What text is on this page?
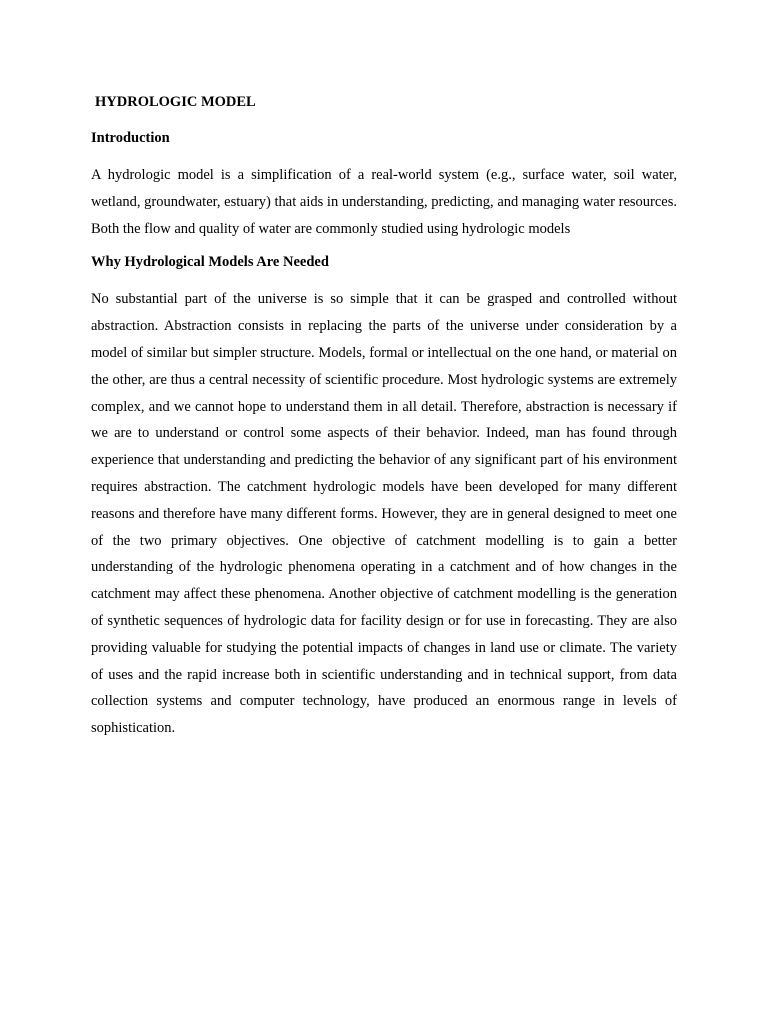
HYDROLOGIC MODEL
Introduction

A hydrologic model is a simplification of a real-world system (e.g., surface water, soil water, wetland, groundwater, estuary) that aids in understanding, predicting, and managing water resources. Both the flow and quality of water are commonly studied using hydrologic models

Why Hydrological Models Are Needed

No substantial part of the universe is so simple that it can be grasped and controlled without abstraction. Abstraction consists in replacing the parts of the universe under consideration by a model of similar but simpler structure. Models, formal or intellectual on the one hand, or material on the other, are thus a central necessity of scientific procedure. Most hydrologic systems are extremely complex, and we cannot hope to understand them in all detail. Therefore, abstraction is necessary if we are to understand or control some aspects of their behavior. Indeed, man has found through experience that understanding and predicting the behavior of any significant part of his environment requires abstraction. The catchment hydrologic models have been developed for many different reasons and therefore have many different forms. However, they are in general designed to meet one of the two primary objectives. One objective of catchment modelling is to gain a better understanding of the hydrologic phenomena operating in a catchment and of how changes in the catchment may affect these phenomena. Another objective of catchment modelling is the generation of synthetic sequences of hydrologic data for facility design or for use in forecasting. They are also providing valuable for studying the potential impacts of changes in land use or climate. The variety of uses and the rapid increase both in scientific understanding and in technical support, from data collection systems and computer technology, have produced an enormous range in levels of sophistication.
